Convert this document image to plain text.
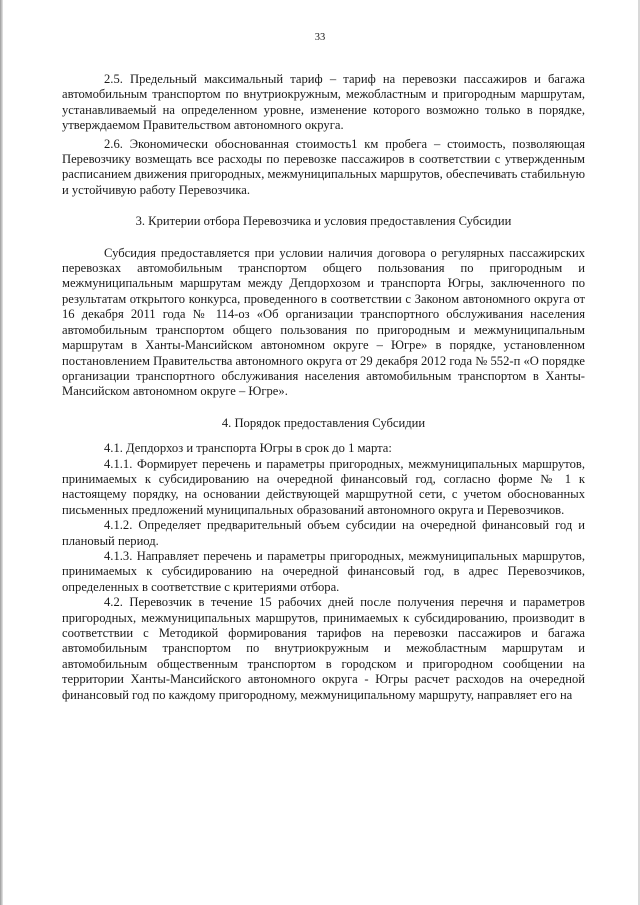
33

2.5. Предельный максимальный тариф – тариф на перевозки пассажиров и багажа автомобильным транспортом по внутриокружным, межобластным и пригородным маршрутам, устанавливаемый на определенном уровне, изменение которого возможно только в порядке, утверждаемом Правительством автономного округа.

2.6. Экономически обоснованная стоимость1 км пробега – стоимость, позволяющая Перевозчику возмещать все расходы по перевозке пассажиров в соответствии с утвержденным расписанием движения пригородных, межмуниципальных маршрутов, обеспечивать стабильную и устойчивую работу Перевозчика.

3. Критерии отбора Перевозчика и условия предоставления Субсидии

Субсидия предоставляется при условии наличия договора о регулярных пассажирских перевозках автомобильным транспортом общего пользования по пригородным и межмуниципальным маршрутам между Депдорхозом и транспорта Югры, заключенного по результатам открытого конкурса, проведенного в соответствии с Законом автономного округа от 16 декабря 2011 года № 114-оз «Об организации транспортного обслуживания населения автомобильным транспортом общего пользования по пригородным и межмуниципальным маршрутам в Ханты-Мансийском автономном округе – Югре» в порядке, установленном постановлением Правительства автономного округа от 29 декабря 2012 года № 552-п «О порядке организации транспортного обслуживания населения автомобильным транспортом в Ханты-Мансийском автономном округе – Югре».

4. Порядок предоставления Субсидии

4.1. Депдорхоз и транспорта Югры в срок до 1 марта:

4.1.1. Формирует перечень и параметры пригородных, межмуниципальных маршрутов, принимаемых к субсидированию на очередной финансовый год, согласно форме № 1 к настоящему порядку, на основании действующей маршрутной сети, с учетом обоснованных письменных предложений муниципальных образований автономного округа и Перевозчиков.

4.1.2. Определяет предварительный объем субсидии на очередной финансовый год и плановый период.

4.1.3. Направляет перечень и параметры пригородных, межмуниципальных маршрутов, принимаемых к субсидированию на очередной финансовый год, в адрес Перевозчиков, определенных в соответствие с критериями отбора.

4.2. Перевозчик в течение 15 рабочих дней после получения перечня и параметров пригородных, межмуниципальных маршрутов, принимаемых к субсидированию, производит в соответствии с Методикой формирования тарифов на перевозки пассажиров и багажа автомобильным транспортом по внутриокружным и межобластным маршрутам и автомобильным общественным транспортом в городском и пригородном сообщении на территории Ханты-Мансийского автономного округа - Югры расчет расходов на очередной финансовый год по каждому пригородному, межмуниципальному маршруту, направляет его на
